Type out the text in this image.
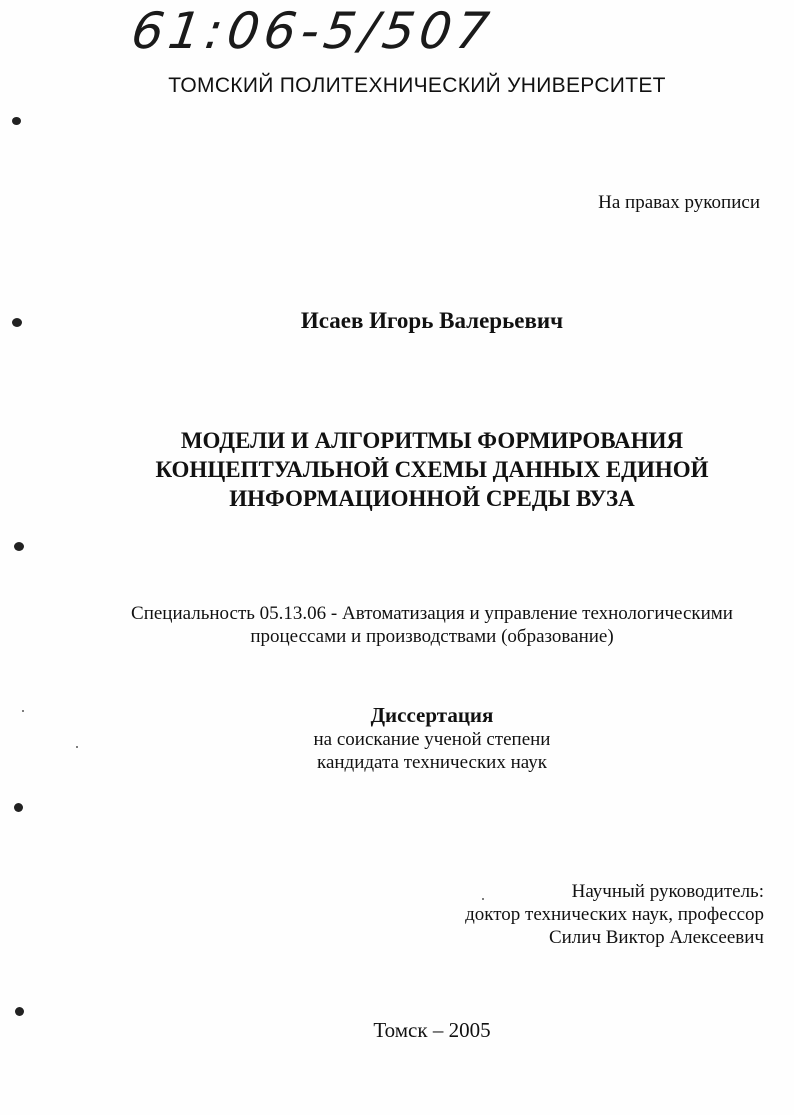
61:06-5/507
ТОМСКИЙ ПОЛИТЕХНИЧЕСКИЙ УНИВЕРСИТЕТ
На правах рукописи
Исаев Игорь Валерьевич
МОДЕЛИ И АЛГОРИТМЫ ФОРМИРОВАНИЯ
КОНЦЕПТУАЛЬНОЙ СХЕМЫ ДАННЫХ ЕДИНОЙ
ИНФОРМАЦИОННОЙ СРЕДЫ ВУЗА
Специальность 05.13.06 - Автоматизация и управление технологическими
процессами и производствами (образование)
Диссертация
на соискание ученой степени
кандидата технических наук
Научный руководитель:
доктор технических наук, профессор
Силич Виктор Алексеевич
Томск – 2005
